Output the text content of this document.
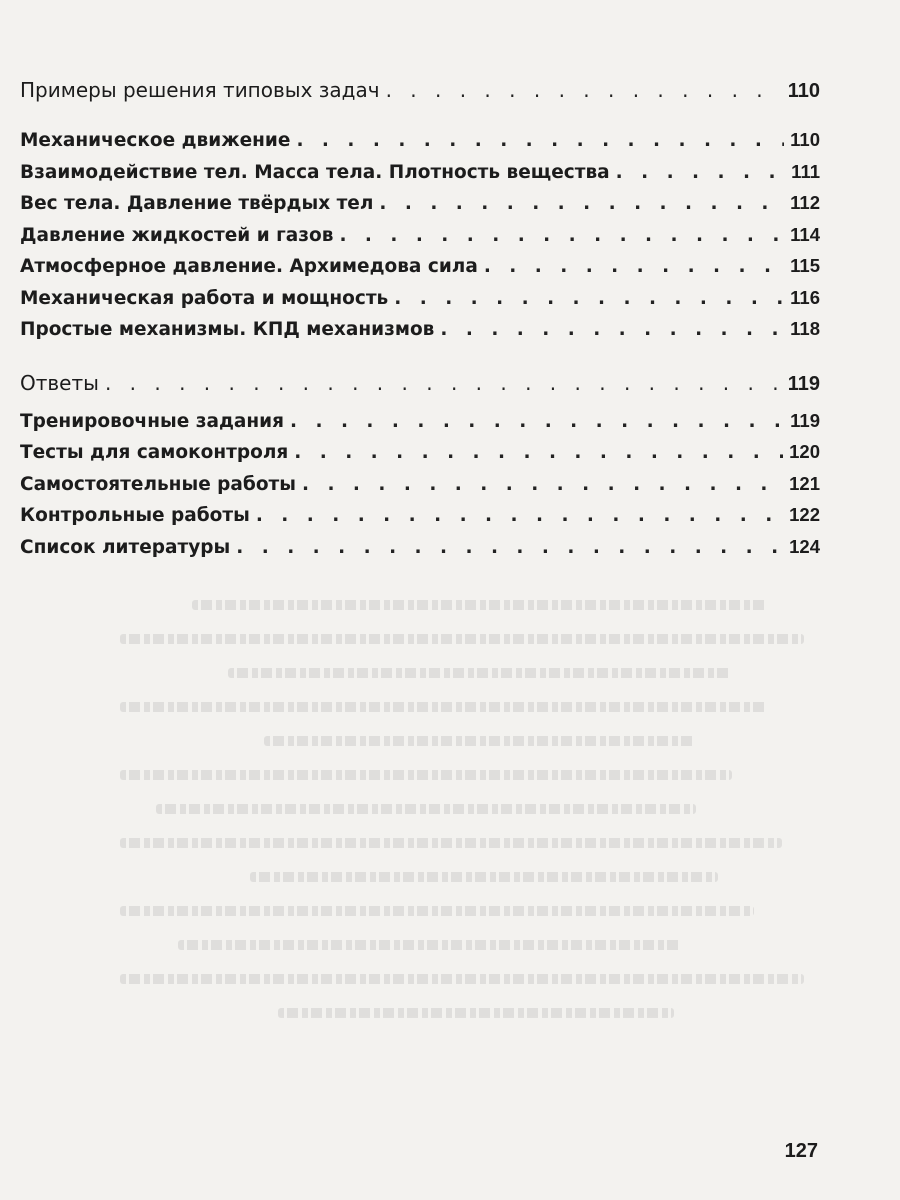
Примеры решения типовых задач . . .	110
Механическое движение . . .	110
Взаимодействие тел. Масса тела. Плотность вещества . . .	111
Вес тела. Давление твёрдых тел . . .	112
Давление жидкостей и газов . . .	114
Атмосферное давление. Архимедова сила . . .	115
Механическая работа и мощность . . .	116
Простые механизмы. КПД механизмов . . .	118
Ответы . . .	119
Тренировочные задания . . .	119
Тесты для самоконтроля . . .	120
Самостоятельные работы . . .	121
Контрольные работы . . .	122
Список литературы . . .	124
127
